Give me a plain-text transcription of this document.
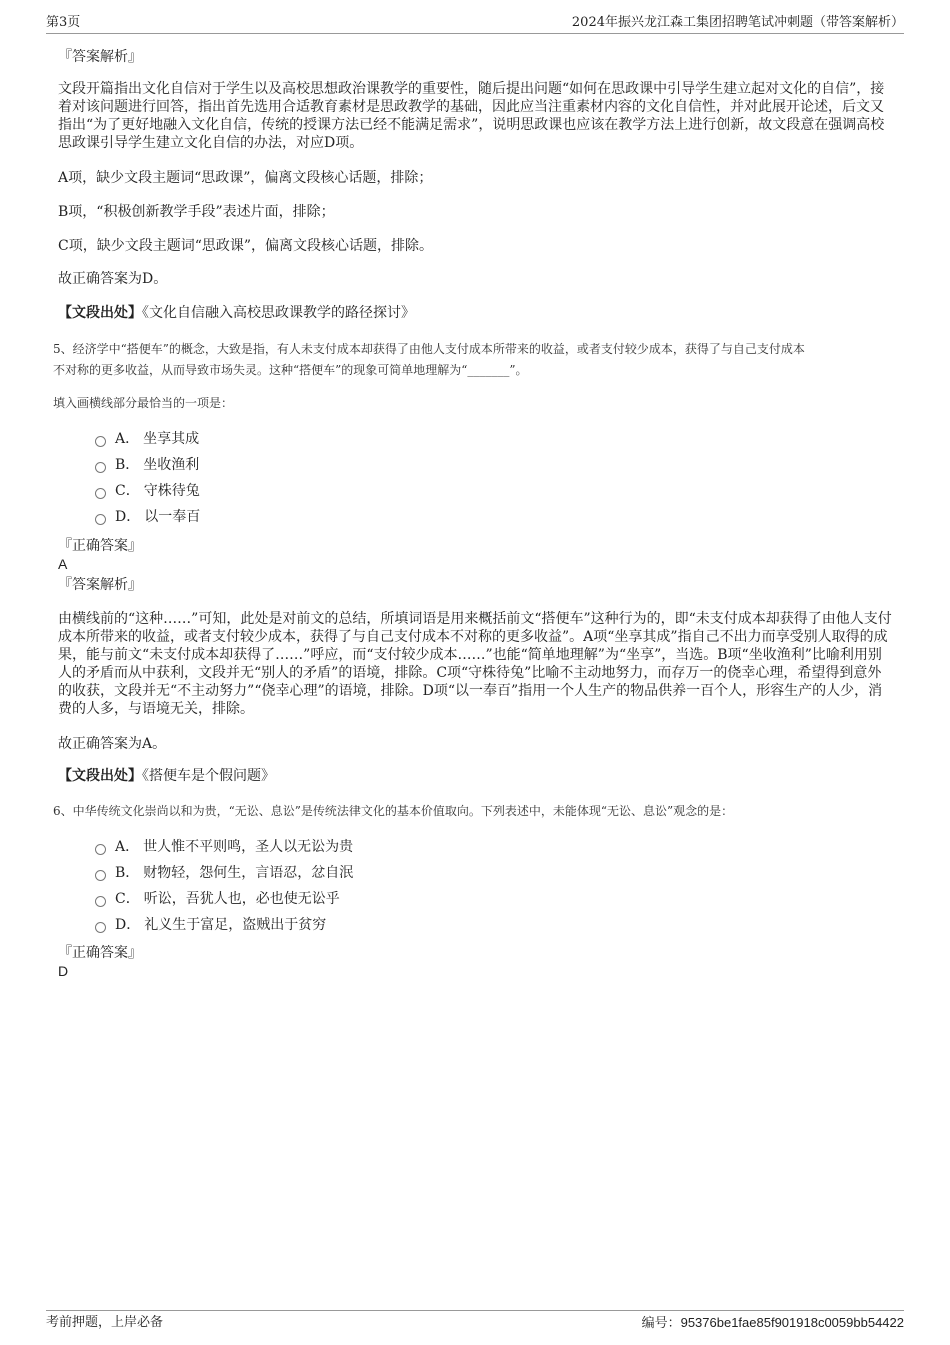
第3页	2024年振兴龙江森工集团招聘笔试冲刺题（带答案解析）
『答案解析』
文段开篇指出文化自信对于学生以及高校思想政治课教学的重要性，随后提出问题“如何在思政课中引导学生建立起对文化的自信”，接着对该问题进行回答，指出首先选用合适教育素材是思政教学的基础，因此应当注重素材内容的文化自信性，并对此展开论述，后文又指出“为了更好地融入文化自信，传统的授课方法已经不能满足需求”，说明思政课也应该在教学方法上进行创新，故文段意在强调高校思政课引导学生建立文化自信的办法，对应D项。
A项，缺少文段主题词“思政课”，偏离文段核心话题，排除；
B项，“积极创新教学手段”表述片面，排除；
C项，缺少文段主题词“思政课”，偏离文段核心话题，排除。
故正确答案为D。
【文段出处】《文化自信融入高校思政课教学的路径探讨》
5、经济学中“搭便车”的概念，大致是指，有人未支付成本却获得了由他人支付成本所带来的收益，或者支付较少成本，获得了与自己支付成本
不对称的更多收益，从而导致市场失灵。这种“搭便车”的现象可简单地理解为“_______”。
填入画横线部分最恰当的一项是：
A． 坐享其成
B． 坐收渔利
C． 守株待兔
D． 以一奉百
『正确答案』
A
『答案解析』
由横线前的“这种……”可知，此处是对前文的总结，所填词语是用来概括前文“搭便车”这种行为的，即“未支付成本却获得了由他人支付成本所带来的收益，或者支付较少成本，获得了与自己支付成本不对称的更多收益”。A项“坐享其成”指自己不出力而享受别人取得的成果，能与前文“未支付成本却获得了……”呼应，而“支付较少成本……”也能“简单地理解”为“坐享”，当选。B项“坐收渔利”比喻利用别人的矛盾而从中获利，文段并无“别人的矛盾”的语境，排除。C项“守株待兔”比喻不主动地努力，而存万一的侥幸心理，希望得到意外的收获，文段并无“不主动努力”“侥幸心理”的语境，排除。D项“以一奉百”指用一个人生产的物品供养一百个人，形容生产的人少，消费的人多，与语境无关，排除。
故正确答案为A。
【文段出处】《搭便车是个假问题》
6、中华传统文化崇尚以和为贵，“无讼、息讼”是传统法律文化的基本价值取向。下列表述中，未能体现“无讼、息讼”观念的是：
A． 世人惟不平则鸣，圣人以无讼为贵
B． 财物轻，怨何生，言语忍，忿自泯
C． 听讼，吾犹人也，必也使无讼乎
D． 礼义生于富足，盗贼出于贫穷
『正确答案』
D
考前押题，上岸必备	编号：95376be1fae85f901918c0059bb54422
